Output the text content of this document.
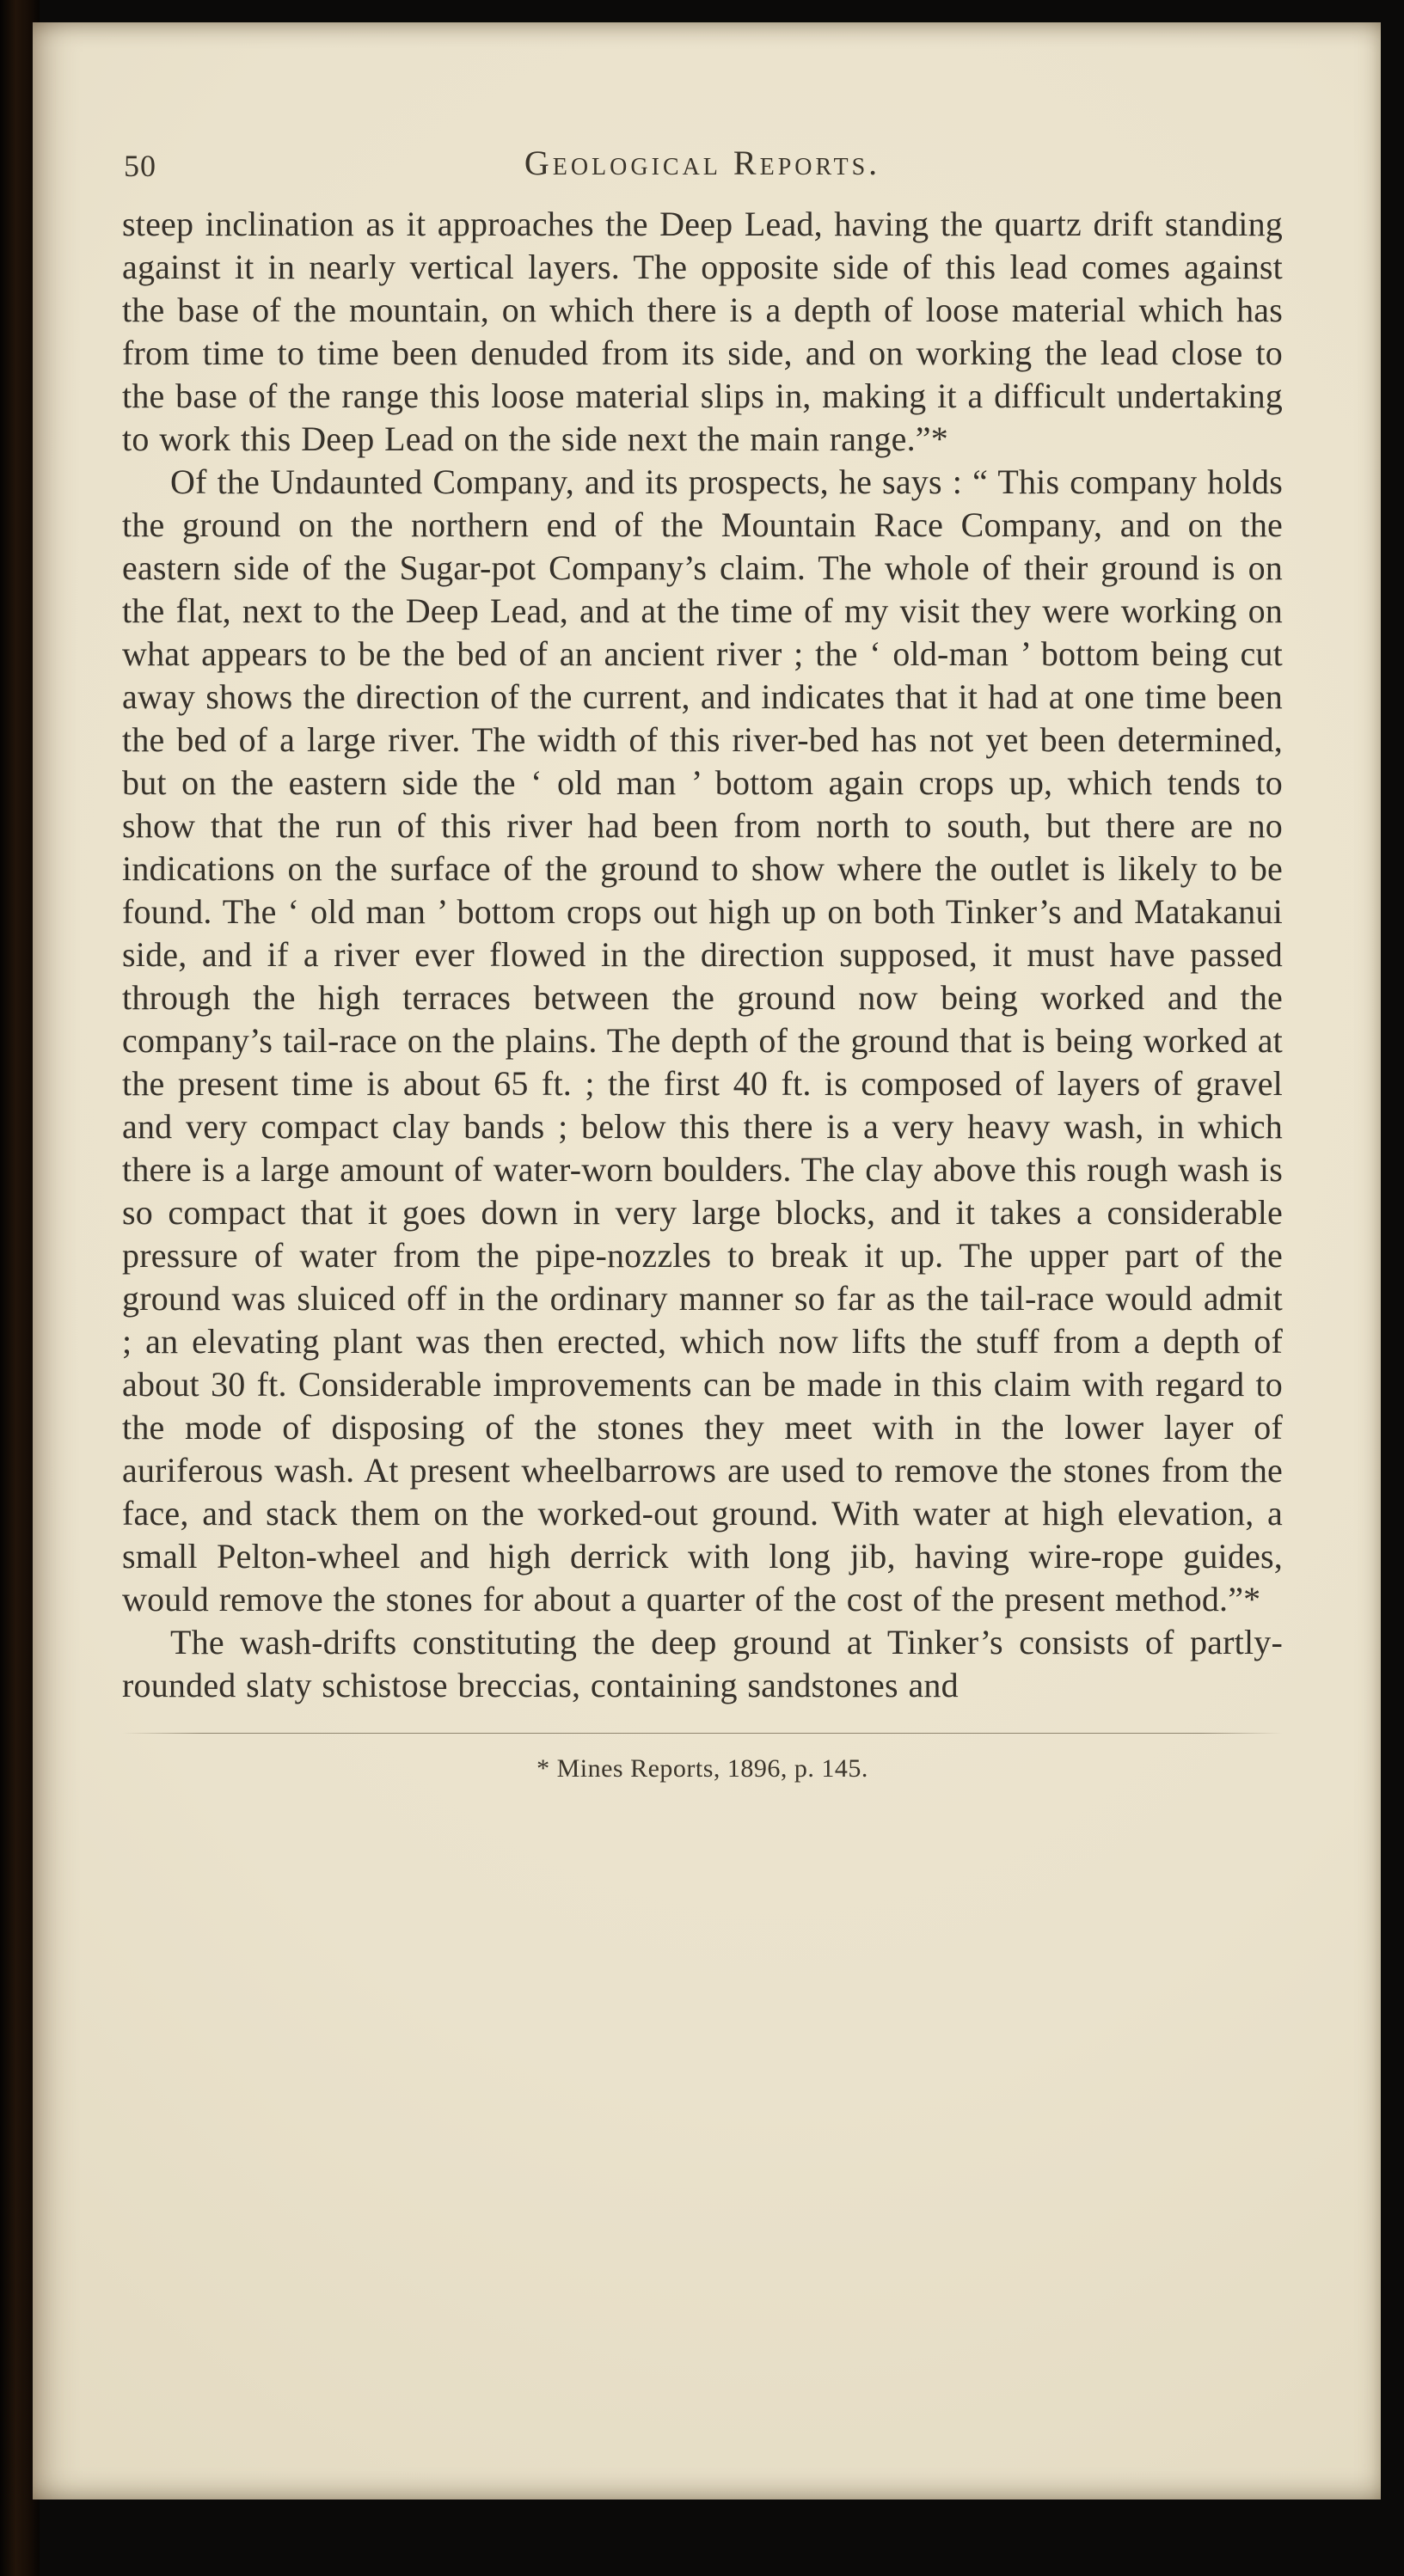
50	Geological Reports.

steep inclination as it approaches the Deep Lead, having the quartz drift standing against it in nearly vertical layers. The opposite side of this lead comes against the base of the mountain, on which there is a depth of loose material which has from time to time been denuded from its side, and on working the lead close to the base of the range this loose material slips in, making it a difficult undertaking to work this Deep Lead on the side next the main range.”*

Of the Undaunted Company, and its prospects, he says : “ This company holds the ground on the northern end of the Mountain Race Company, and on the eastern side of the Sugar-pot Company’s claim. The whole of their ground is on the flat, next to the Deep Lead, and at the time of my visit they were working on what appears to be the bed of an ancient river ; the ‘ old-man ’ bottom being cut away shows the direction of the current, and indicates that it had at one time been the bed of a large river. The width of this river-bed has not yet been determined, but on the eastern side the ‘ old man ’ bottom again crops up, which tends to show that the run of this river had been from north to south, but there are no indications on the surface of the ground to show where the outlet is likely to be found. The ‘ old man ’ bottom crops out high up on both Tinker’s and Matakanui side, and if a river ever flowed in the direction supposed, it must have passed through the high terraces between the ground now being worked and the company’s tail-race on the plains. The depth of the ground that is being worked at the present time is about 65 ft. ; the first 40 ft. is composed of layers of gravel and very compact clay bands ; below this there is a very heavy wash, in which there is a large amount of water-worn boulders. The clay above this rough wash is so compact that it goes down in very large blocks, and it takes a considerable pressure of water from the pipe-nozzles to break it up. The upper part of the ground was sluiced off in the ordinary manner so far as the tail-race would admit ; an elevating plant was then erected, which now lifts the stuff from a depth of about 30 ft. Considerable improvements can be made in this claim with regard to the mode of disposing of the stones they meet with in the lower layer of auriferous wash. At present wheelbarrows are used to remove the stones from the face, and stack them on the worked-out ground. With water at high elevation, a small Pelton-wheel and high derrick with long jib, having wire-rope guides, would remove the stones for about a quarter of the cost of the present method.”*

The wash-drifts constituting the deep ground at Tinker’s consists of partly-rounded slaty schistose breccias, containing sandstones and

* Mines Reports, 1896, p. 145.
